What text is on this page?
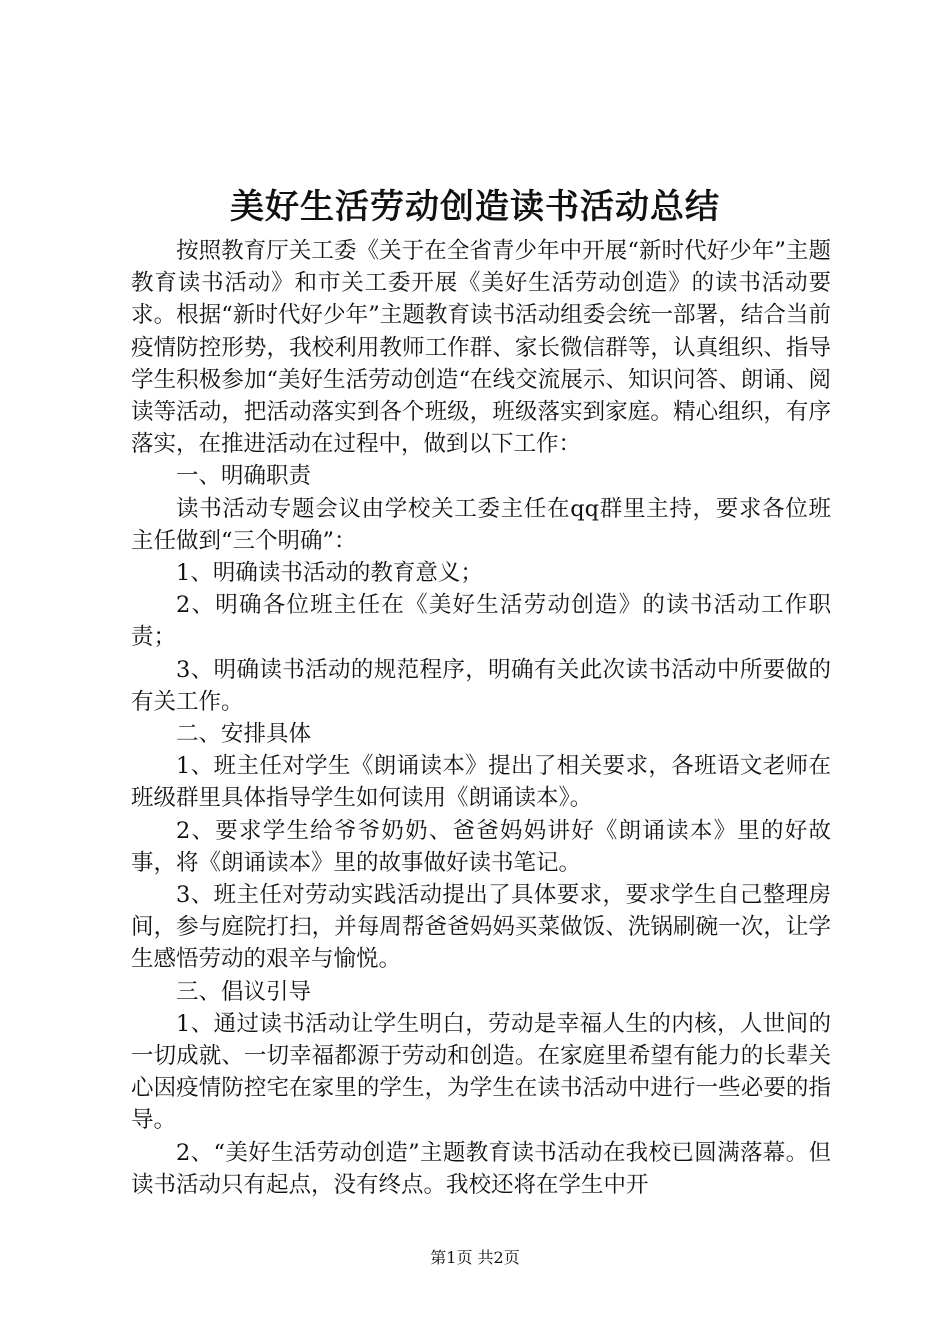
美好生活劳动创造读书活动总结

按照教育厅关工委《关于在全省青少年中开展“新时代好少年”主题教育读书活动》和市关工委开展《美好生活劳动创造》的读书活动要求。根据“新时代好少年”主题教育读书活动组委会统一部署，结合当前疫情防控形势，我校利用教师工作群、家长微信群等，认真组织、指导学生积极参加“美好生活劳动创造“在线交流展示、知识问答、朗诵、阅读等活动，把活动落实到各个班级，班级落实到家庭。精心组织，有序落实，在推进活动在过程中，做到以下工作：

一、明确职责

读书活动专题会议由学校关工委主任在qq群里主持，要求各位班主任做到“三个明确”：

1、明确读书活动的教育意义；

2、明确各位班主任在《美好生活劳动创造》的读书活动工作职责；

3、明确读书活动的规范程序，明确有关此次读书活动中所要做的有关工作。

二、安排具体

1、班主任对学生《朗诵读本》提出了相关要求，各班语文老师在班级群里具体指导学生如何读用《朗诵读本》。

2、要求学生给爷爷奶奶、爸爸妈妈讲好《朗诵读本》里的好故事，将《朗诵读本》里的故事做好读书笔记。

3、班主任对劳动实践活动提出了具体要求，要求学生自己整理房间，参与庭院打扫，并每周帮爸爸妈妈买菜做饭、洗锅刷碗一次，让学生感悟劳动的艰辛与愉悦。

三、倡议引导

1、通过读书活动让学生明白，劳动是幸福人生的内核，人世间的一切成就、一切幸福都源于劳动和创造。在家庭里希望有能力的长辈关心因疫情防控宅在家里的学生，为学生在读书活动中进行一些必要的指导。

2、“美好生活劳动创造”主题教育读书活动在我校已圆满落幕。但读书活动只有起点，没有终点。我校还将在学生中开

第1页 共2页
